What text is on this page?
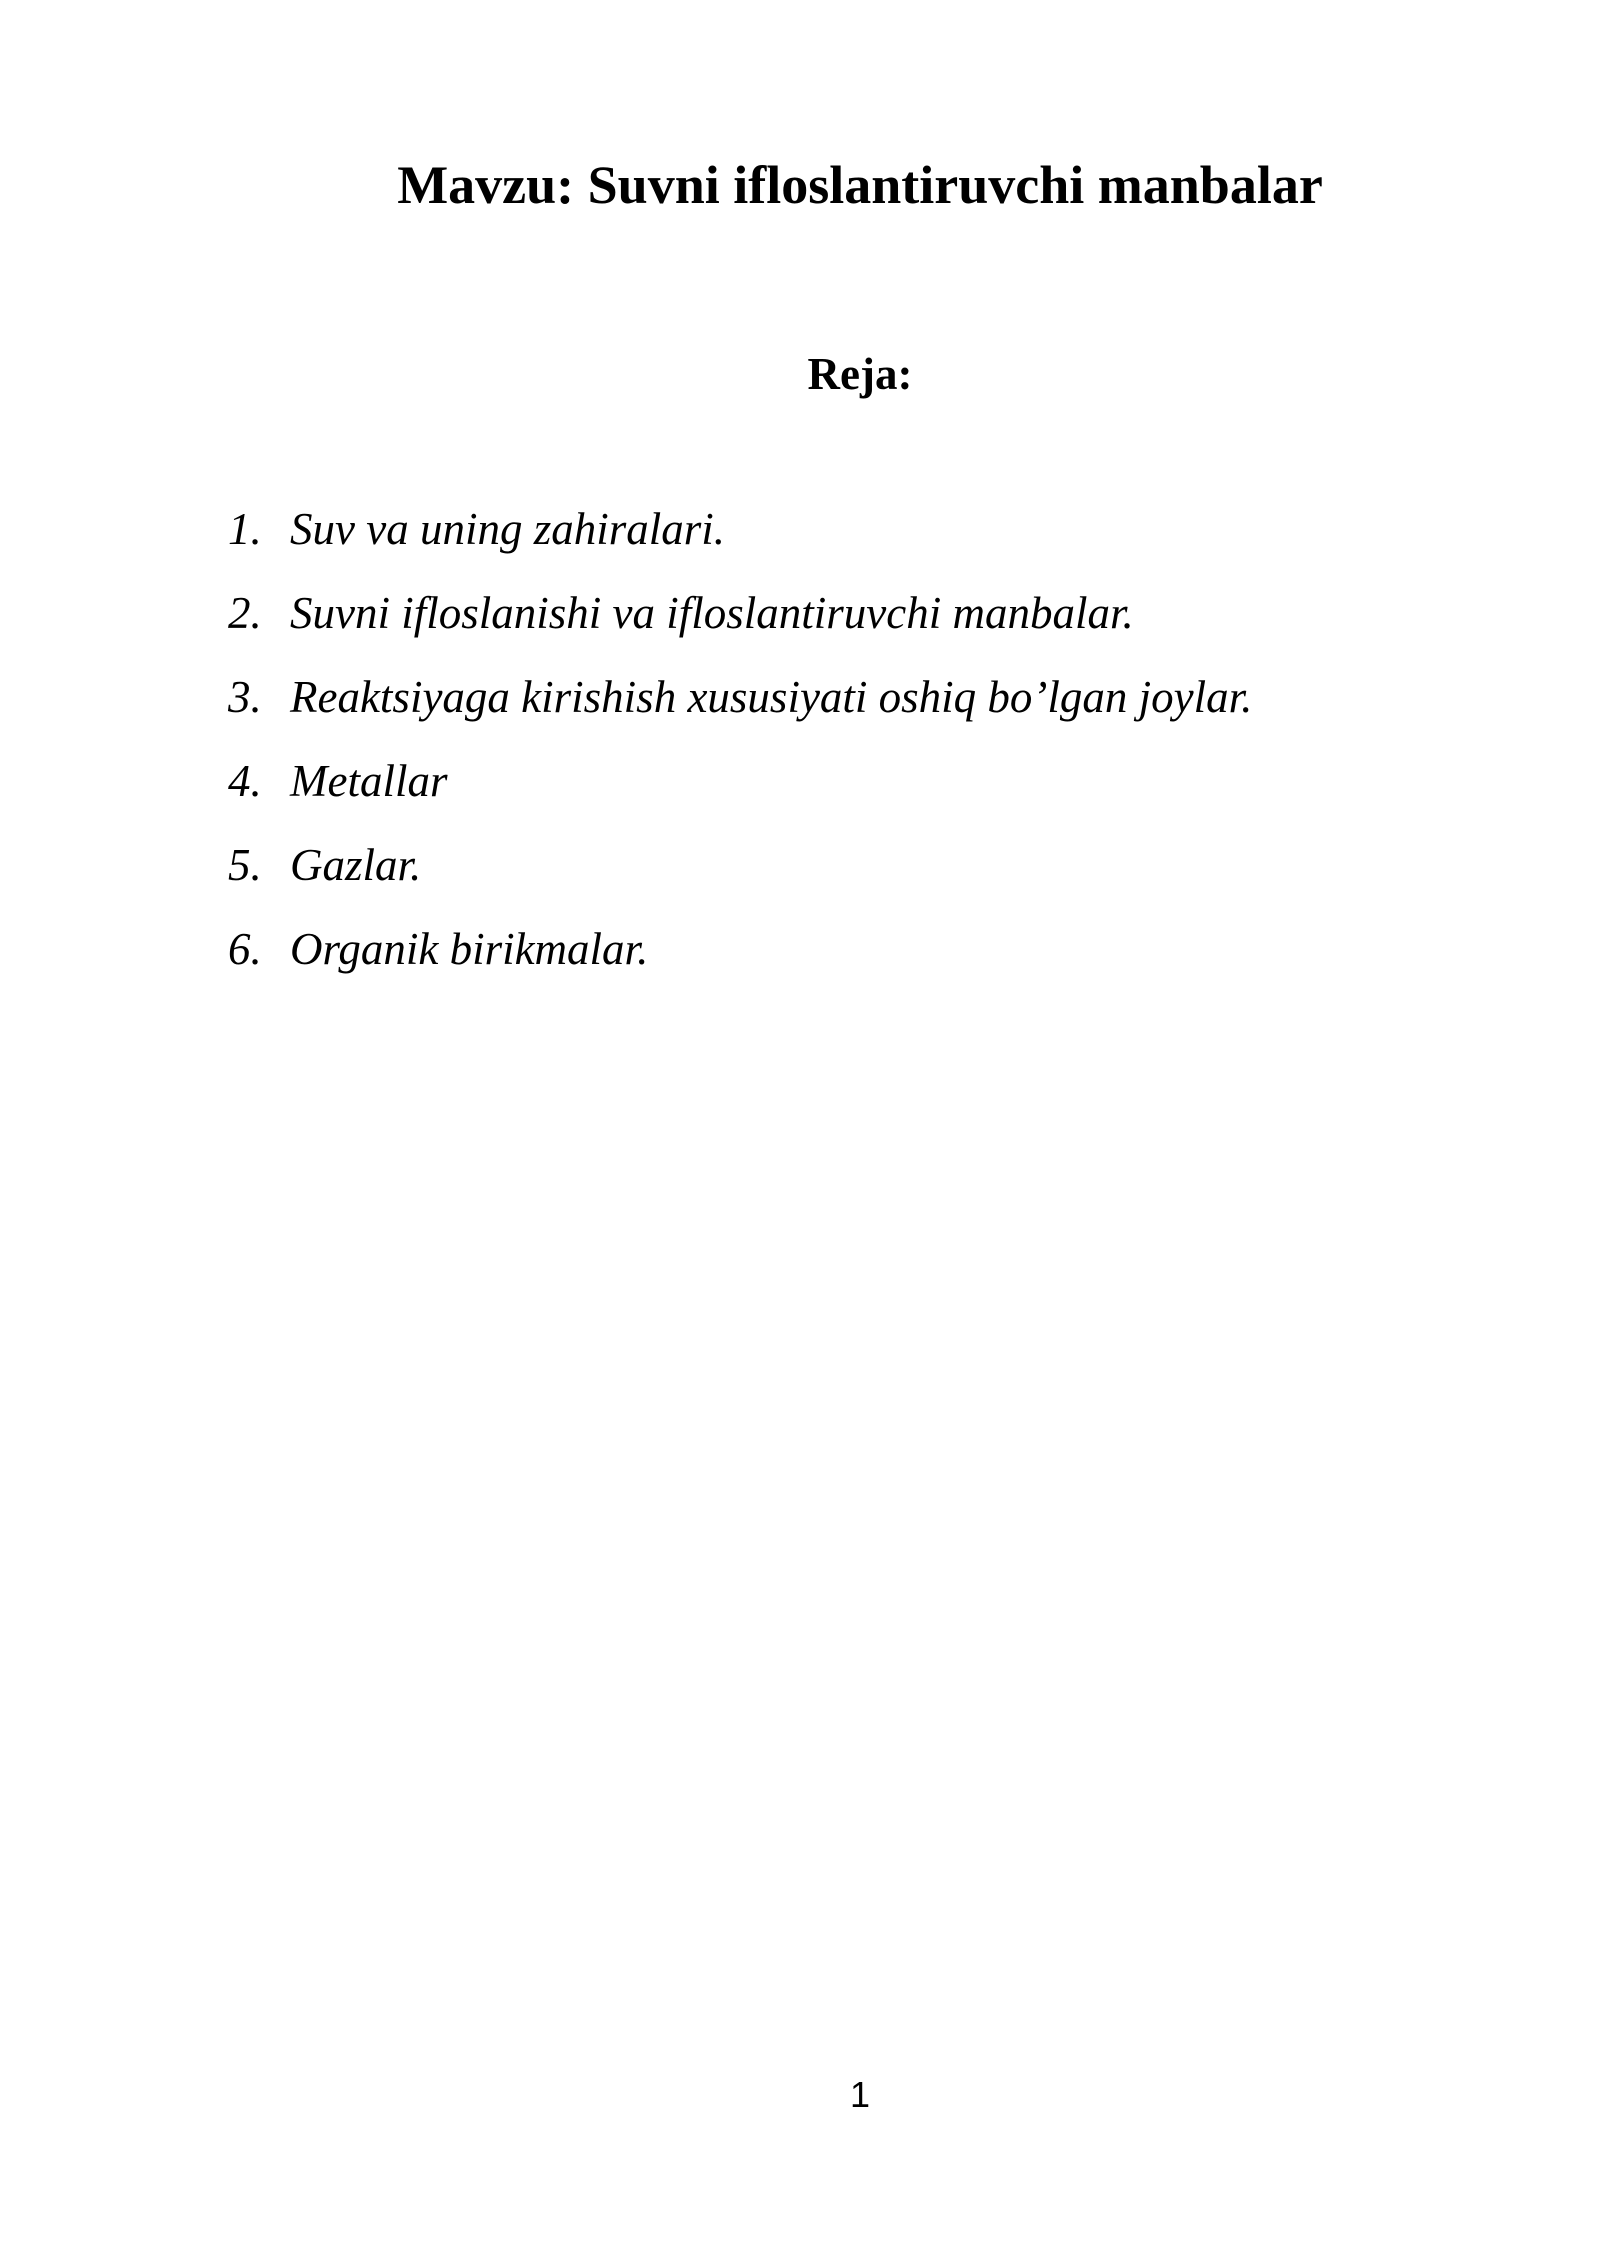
Mavzu: Suvni ifloslantiruvchi manbalar
Reja:
1. Suv va uning zahiralari.
2. Suvni ifloslanishi va ifloslantiruvchi manbalar.
3. Reaktsiyaga kirishish xususiyati oshiq bo’lgan joylar.
4. Metallar
5. Gazlar.
6. Organik birikmalar.
1
